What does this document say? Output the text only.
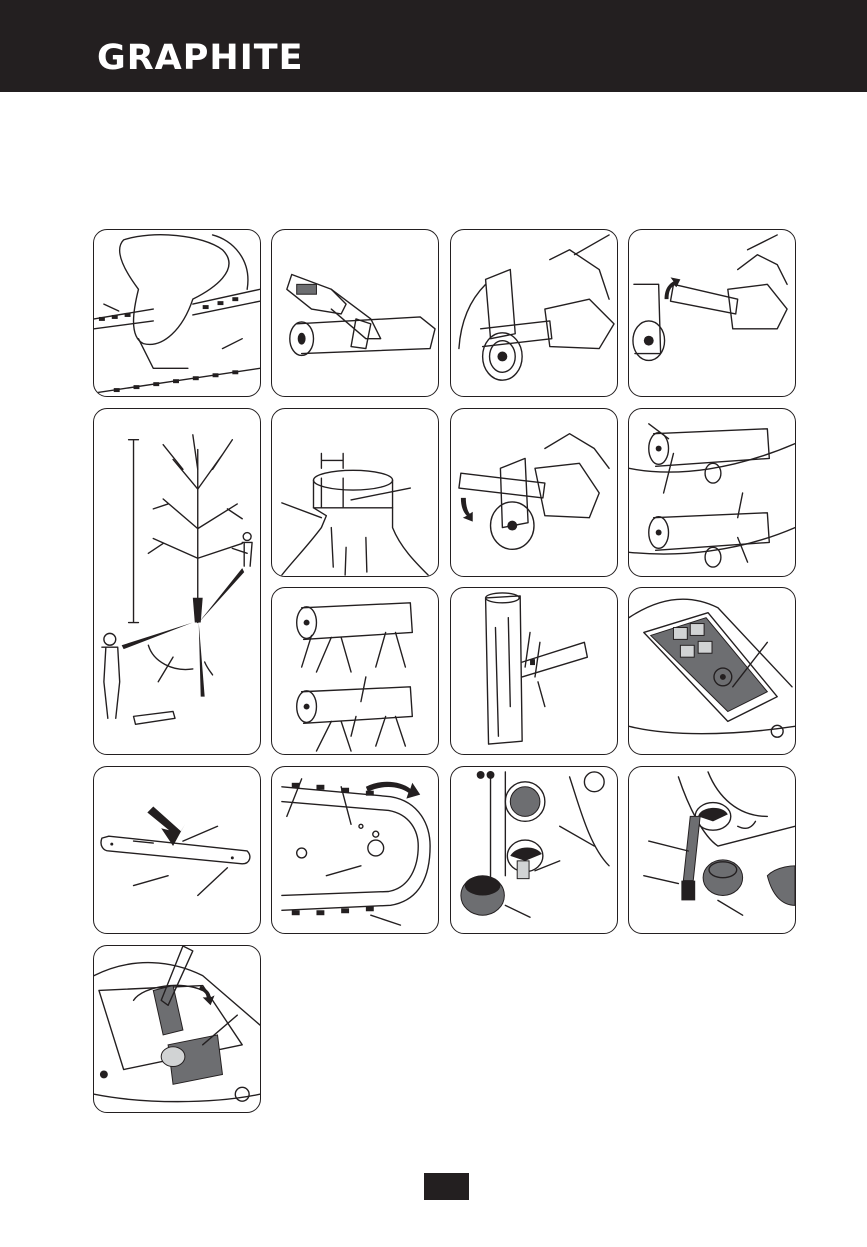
GRAPHITE
